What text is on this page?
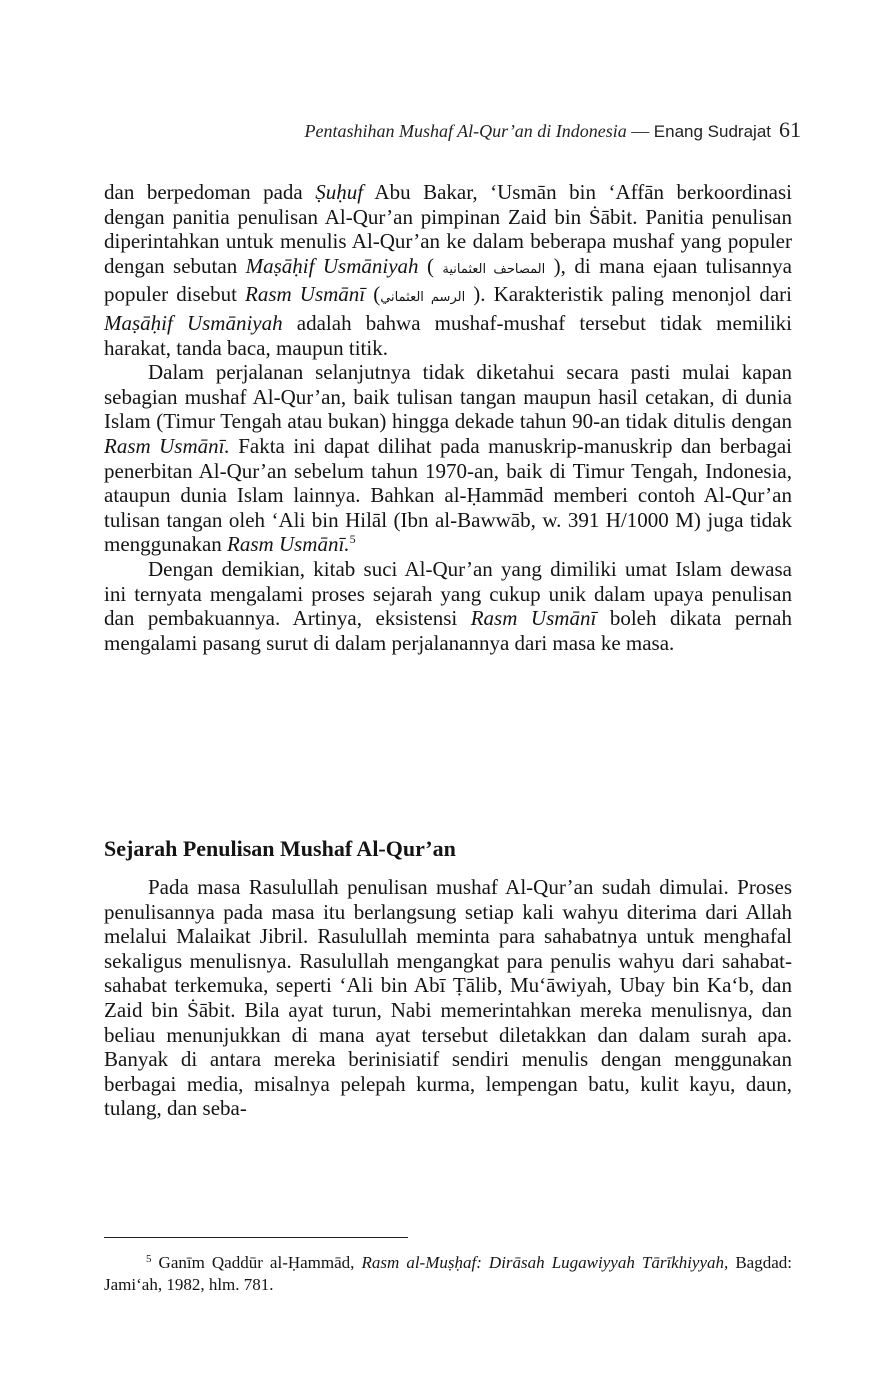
Pentashihan Mushaf Al-Qur’an di Indonesia — Enang Sudrajat 61

dan berpedoman pada Ṣuḥuf Abu Bakar, ‘Usmān bin ‘Affān berkoordinasi dengan panitia penulisan Al-Qur’an pimpinan Zaid bin Ṡābit. Panitia penulisan diperintahkan untuk menulis Al-Qur’an ke dalam beberapa mushaf yang populer dengan sebutan Maṣāḥif Usmāniyah ( المصاحف العثمانية ), di mana ejaan tulisannya populer disebut Rasm Usmānī (الرسم العثماني ). Karakteristik paling menonjol dari Maṣāḥif Usmāniyah adalah bahwa mushaf-mushaf tersebut tidak memiliki harakat, tanda baca, maupun titik.

Dalam perjalanan selanjutnya tidak diketahui secara pasti mulai kapan sebagian mushaf Al-Qur’an, baik tulisan tangan maupun hasil cetakan, di dunia Islam (Timur Tengah atau bukan) hingga dekade tahun 90-an tidak ditulis dengan Rasm Usmānī. Fakta ini dapat dilihat pada manuskrip-manuskrip dan berbagai penerbitan Al-Qur’an sebelum tahun 1970-an, baik di Timur Tengah, Indonesia, ataupun dunia Islam lainnya. Bahkan al-Ḥammād memberi contoh Al-Qur’an tulisan tangan oleh ‘Ali bin Hilāl (Ibn al-Bawwāb, w. 391 H/1000 M) juga tidak menggunakan Rasm Usmānī.$^5$

Dengan demikian, kitab suci Al-Qur’an yang dimiliki umat Islam dewasa ini ternyata mengalami proses sejarah yang cukup unik dalam upaya penulisan dan pembakuannya. Artinya, eksistensi Rasm Usmānī boleh dikata pernah mengalami pasang surut di dalam perjalanannya dari masa ke masa.

Sejarah Penulisan Mushaf Al-Qur’an

Pada masa Rasulullah penulisan mushaf Al-Qur’an sudah dimulai. Proses penulisannya pada masa itu berlangsung setiap kali wahyu diterima dari Allah melalui Malaikat Jibril. Rasulullah meminta para sahabatnya untuk menghafal sekaligus menulisnya. Rasulullah mengangkat para penulis wahyu dari sahabat-sahabat terkemuka, seperti ‘Ali bin Abī Ṭālib, Mu‘āwiyah, Ubay bin Ka‘b, dan Zaid bin Ṡābit. Bila ayat turun, Nabi memerintahkan mereka menulisnya, dan beliau menunjukkan di mana ayat tersebut diletakkan dan dalam surah apa. Banyak di antara mereka berinisiatif sendiri menulis dengan menggunakan berbagai media, misalnya pelepah kurma, lempengan batu, kulit kayu, daun, tulang, dan seba-

$^5$ Ganīm Qaddūr al-Ḥammād, Rasm al-Muṣḥaf: Dirāsah Lugawiyyah Tārīkhiyyah, Bagdad: Jami‘ah, 1982, hlm. 781.
